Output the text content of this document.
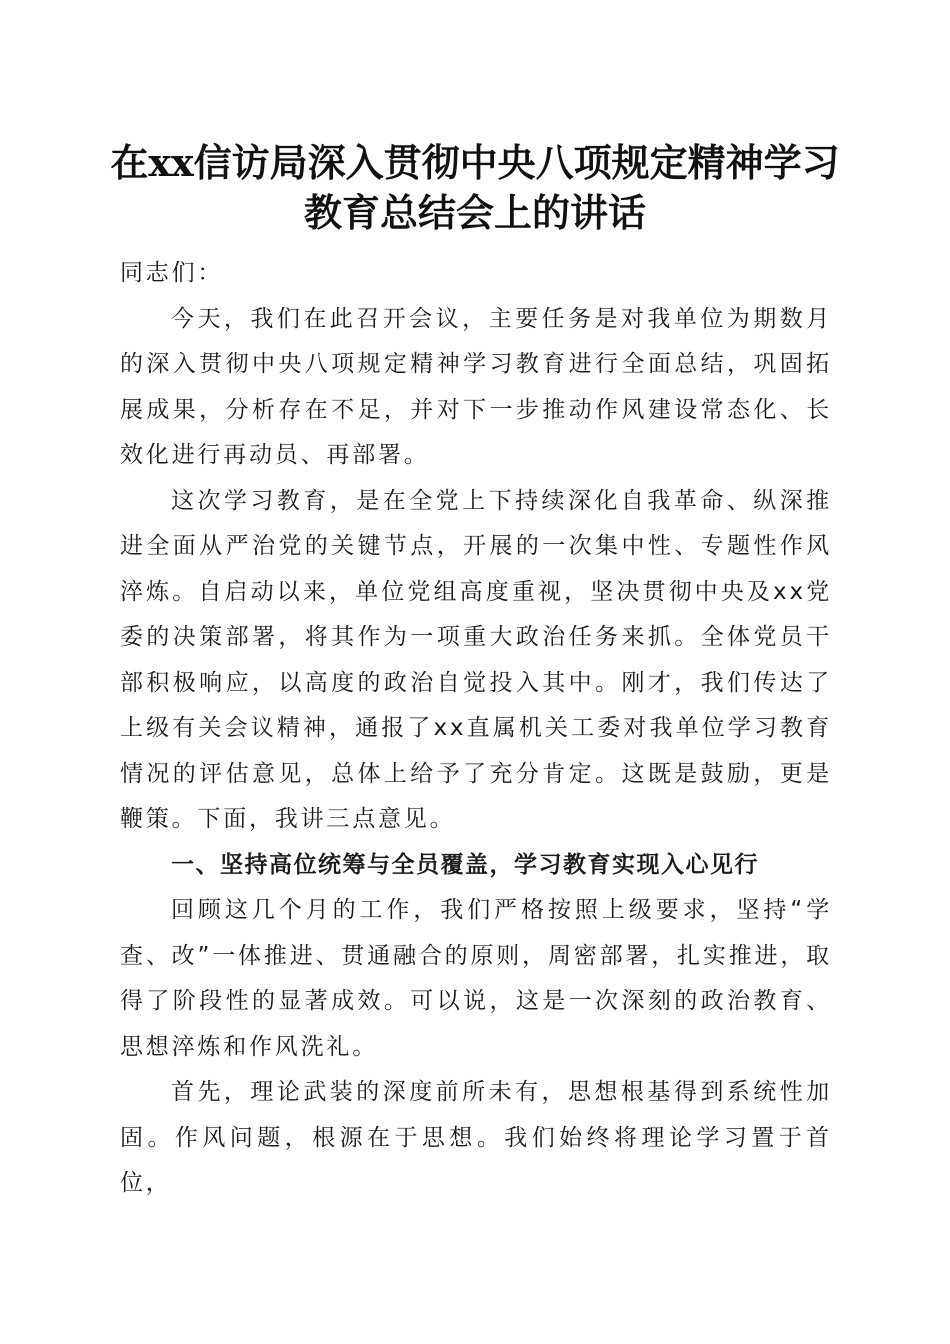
在xx信访局深入贯彻中央八项规定精神学习
教育总结会上的讲话

同志们：

今天，我们在此召开会议，主要任务是对我单位为期数月的深入贯彻中央八项规定精神学习教育进行全面总结，巩固拓展成果，分析存在不足，并对下一步推动作风建设常态化、长效化进行再动员、再部署。

这次学习教育，是在全党上下持续深化自我革命、纵深推进全面从严治党的关键节点，开展的一次集中性、专题性作风淬炼。自启动以来，单位党组高度重视，坚决贯彻中央及xx党委的决策部署，将其作为一项重大政治任务来抓。全体党员干部积极响应，以高度的政治自觉投入其中。刚才，我们传达了上级有关会议精神，通报了xx直属机关工委对我单位学习教育情况的评估意见，总体上给予了充分肯定。这既是鼓励，更是鞭策。下面，我讲三点意见。

一、坚持高位统筹与全员覆盖，学习教育实现入心见行

回顾这几个月的工作，我们严格按照上级要求，坚持“学查、改”一体推进、贯通融合的原则，周密部署，扎实推进，取得了阶段性的显著成效。可以说，这是一次深刻的政治教育、思想淬炼和作风洗礼。

首先，理论武装的深度前所未有，思想根基得到系统性加固。作风问题，根源在于思想。我们始终将理论学习置于首位，
